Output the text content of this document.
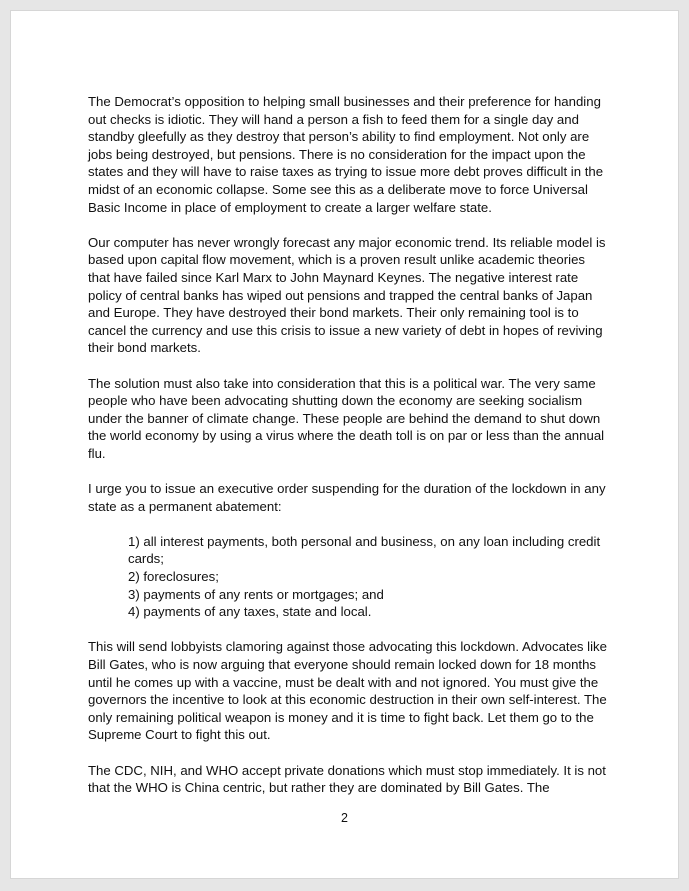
The Democrat’s opposition to helping small businesses and their preference for handing out checks is idiotic. They will hand a person a fish to feed them for a single day and standby gleefully as they destroy that person’s ability to find employment. Not only are jobs being destroyed, but pensions. There is no consideration for the impact upon the states and they will have to raise taxes as trying to issue more debt proves difficult in the midst of an economic collapse. Some see this as a deliberate move to force Universal Basic Income in place of employment to create a larger welfare state.

Our computer has never wrongly forecast any major economic trend. Its reliable model is based upon capital flow movement, which is a proven result unlike academic theories that have failed since Karl Marx to John Maynard Keynes. The negative interest rate policy of central banks has wiped out pensions and trapped the central banks of Japan and Europe. They have destroyed their bond markets. Their only remaining tool is to cancel the currency and use this crisis to issue a new variety of debt in hopes of reviving their bond markets.

The solution must also take into consideration that this is a political war. The very same people who have been advocating shutting down the economy are seeking socialism under the banner of climate change. These people are behind the demand to shut down the world economy by using a virus where the death toll is on par or less than the annual flu.

I urge you to issue an executive order suspending for the duration of the lockdown in any state as a permanent abatement:

1) all interest payments, both personal and business, on any loan including credit cards;
2) foreclosures;
3) payments of any rents or mortgages; and
4) payments of any taxes, state and local.

This will send lobbyists clamoring against those advocating this lockdown. Advocates like Bill Gates, who is now arguing that everyone should remain locked down for 18 months until he comes up with a vaccine, must be dealt with and not ignored. You must give the governors the incentive to look at this economic destruction in their own self-interest. The only remaining political weapon is money and it is time to fight back. Let them go to the Supreme Court to fight this out.

The CDC, NIH, and WHO accept private donations which must stop immediately. It is not that the WHO is China centric, but rather they are dominated by Bill Gates. The

2
